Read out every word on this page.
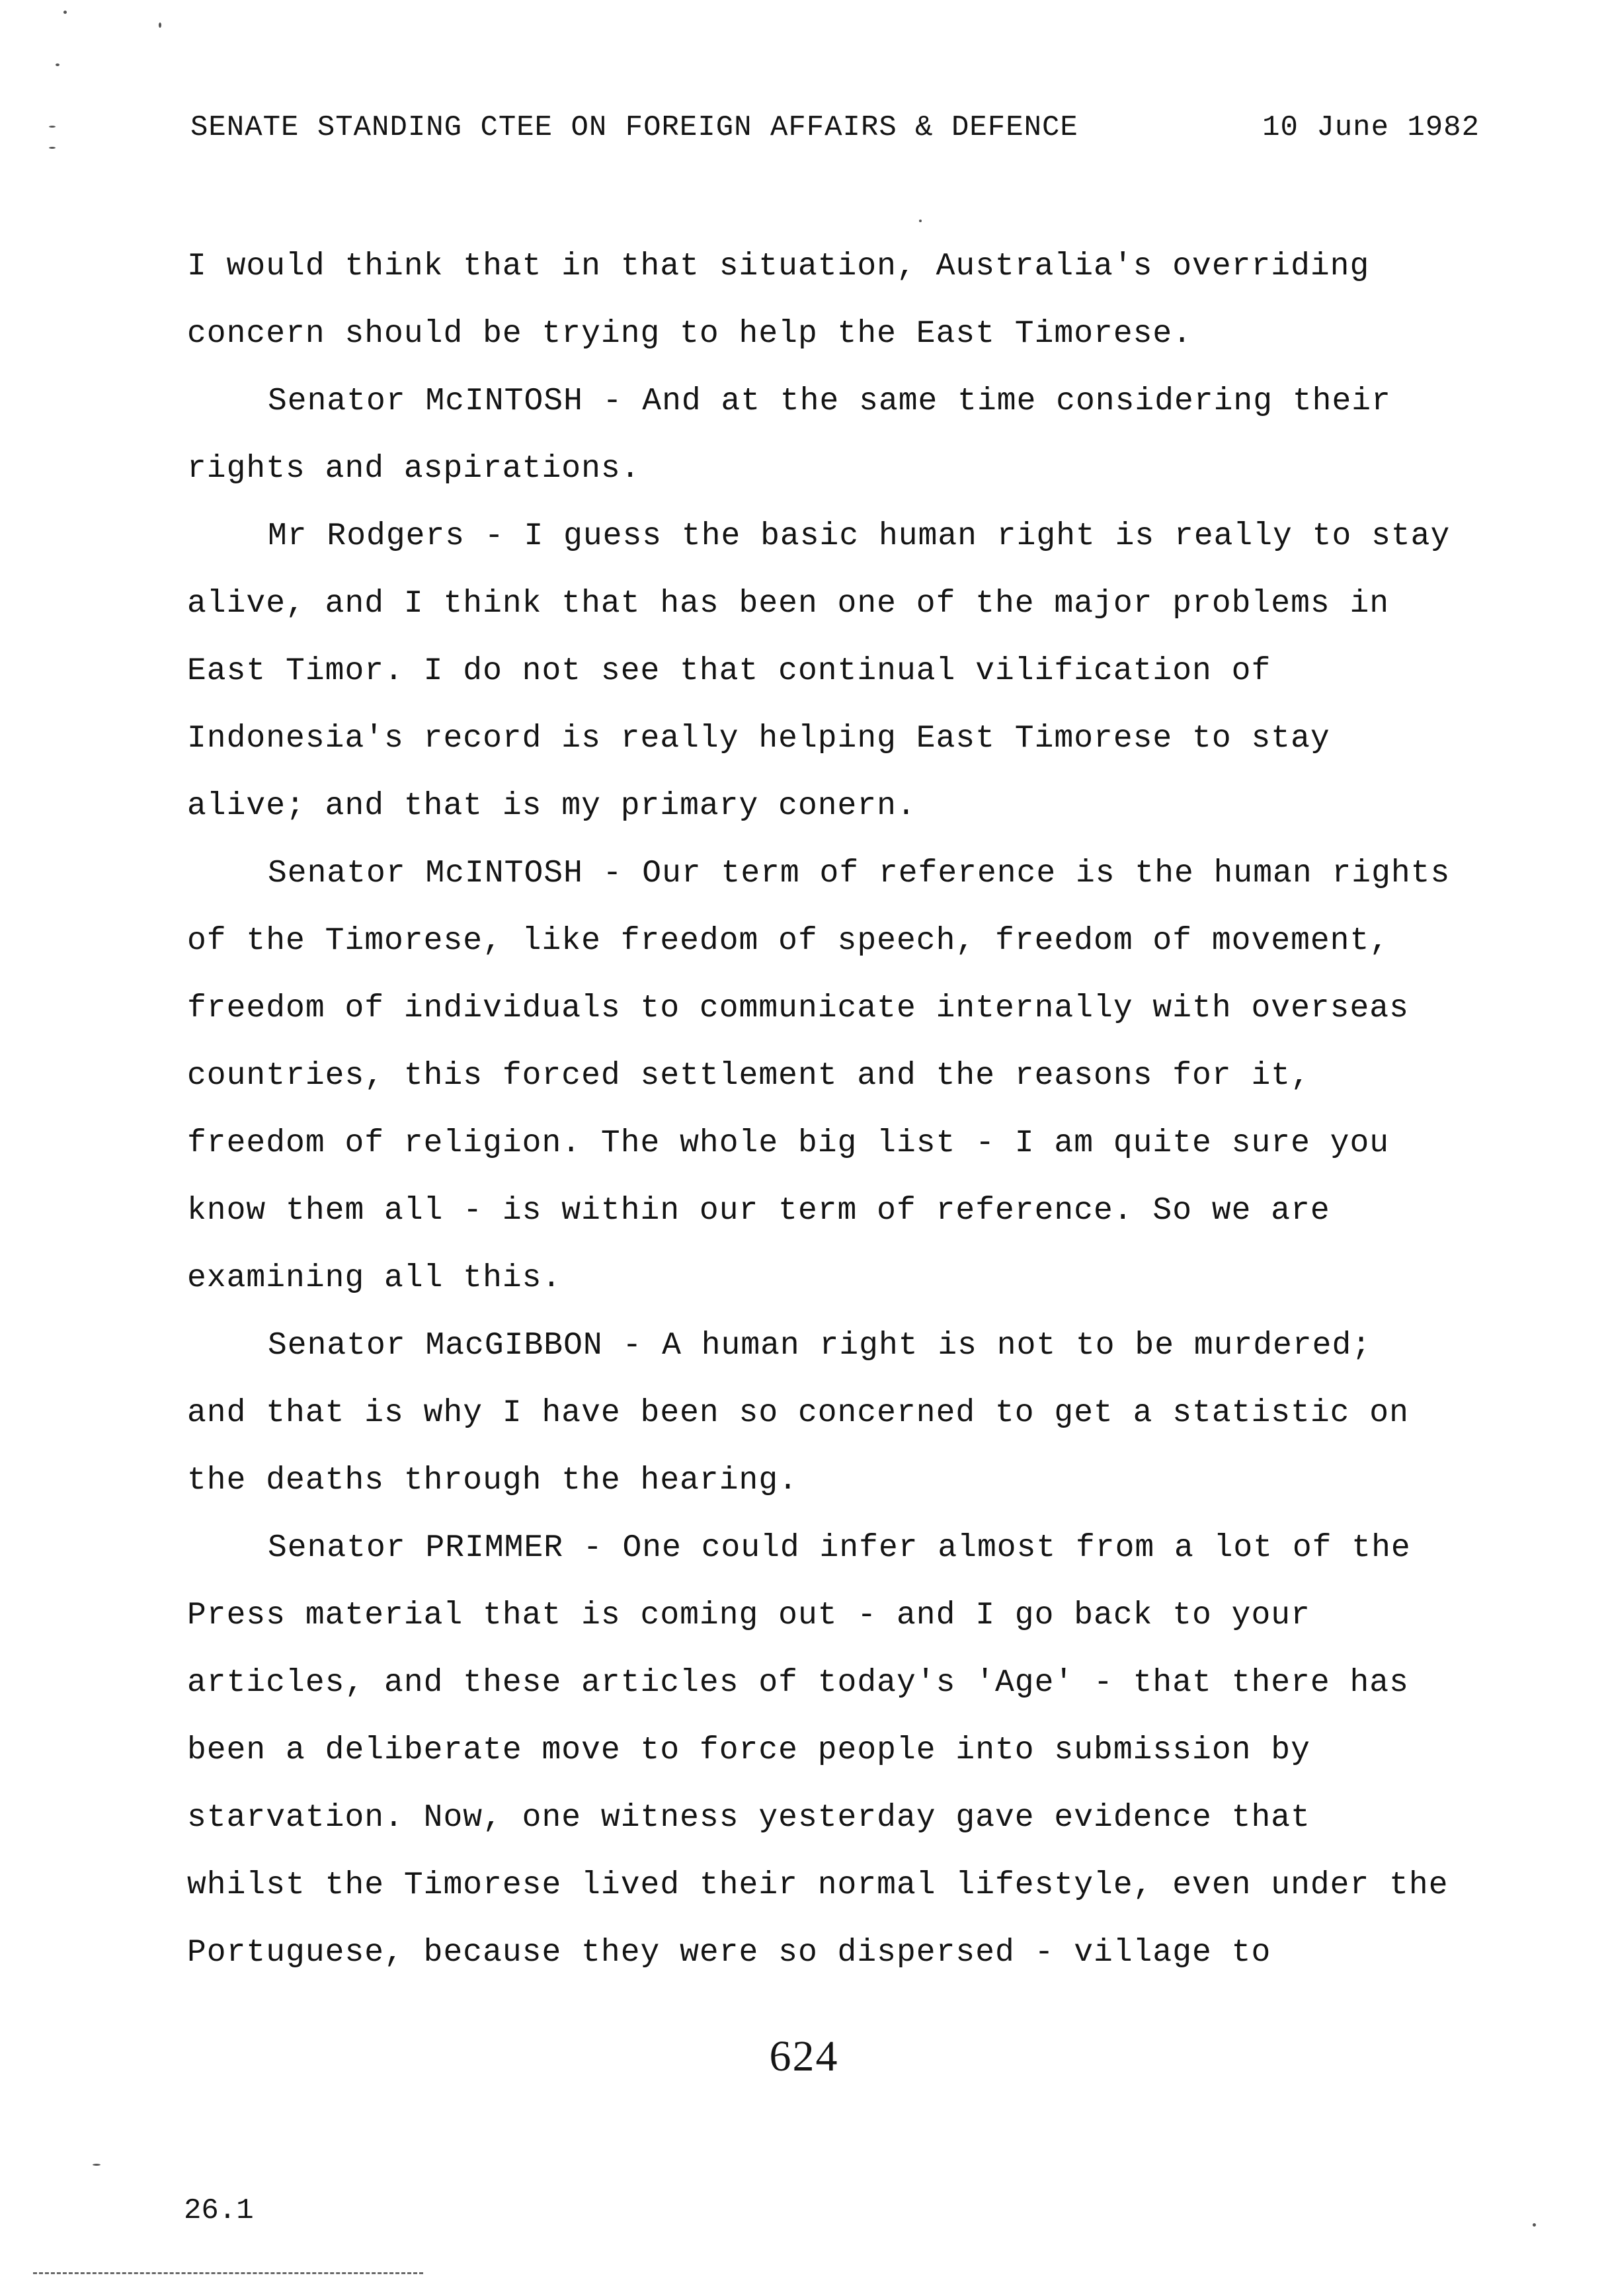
SENATE STANDING CTEE ON FOREIGN AFFAIRS & DEFENCE	10 June 1982
I would think that in that situation, Australia's overriding
concern should be trying to help the East Timorese.
Senator McINTOSH - And at the same time considering their
rights and aspirations.
Mr Rodgers - I guess the basic human right is really to stay
alive, and I think that has been one of the major problems in
East Timor. I do not see that continual vilification of
Indonesia's record is really helping East Timorese to stay
alive; and that is my primary conern.
Senator McINTOSH - Our term of reference is the human rights
of the Timorese, like freedom of speech, freedom of movement,
freedom of individuals to communicate internally with overseas
countries, this forced settlement and the reasons for it,
freedom of religion. The whole big list - I am quite sure you
know them all - is within our term of reference. So we are
examining all this.
Senator MacGIBBON - A human right is not to be murdered;
and that is why I have been so concerned to get a statistic on
the deaths through the hearing.
Senator PRIMMER - One could infer almost from a lot of the
Press material that is coming out - and I go back to your
articles, and these articles of today's 'Age' - that there has
been a deliberate move to force people into submission by
starvation. Now, one witness yesterday gave evidence that
whilst the Timorese lived their normal lifestyle, even under the
Portuguese, because they were so dispersed - village to
624
26.1
